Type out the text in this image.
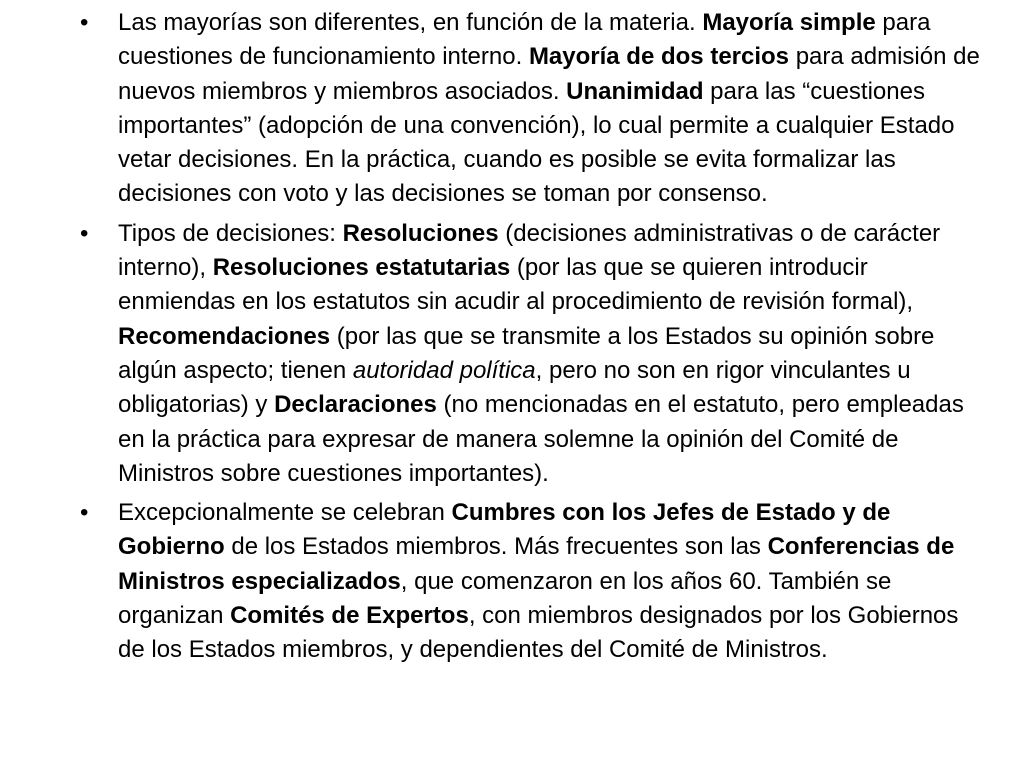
• Las mayorías son diferentes, en función de la materia. Mayoría simple para cuestiones de funcionamiento interno. Mayoría de dos tercios para admisión de nuevos miembros y miembros asociados. Unanimidad para las “cuestiones importantes” (adopción de una convención), lo cual permite a cualquier Estado vetar decisiones. En la práctica, cuando es posible se evita formalizar las decisiones con voto y las decisiones se toman por consenso.
• Tipos de decisiones: Resoluciones (decisiones administrativas o de carácter interno), Resoluciones estatutarias (por las que se quieren introducir enmiendas en los estatutos sin acudir al procedimiento de revisión formal), Recomendaciones (por las que se transmite a los Estados su opinión sobre algún aspecto; tienen autoridad política, pero no son en rigor vinculantes u obligatorias) y Declaraciones (no mencionadas en el estatuto, pero empleadas en la práctica para expresar de manera solemne la opinión del Comité de Ministros sobre cuestiones importantes).
• Excepcionalmente se celebran Cumbres con los Jefes de Estado y de Gobierno de los Estados miembros. Más frecuentes son las Conferencias de Ministros especializados, que comenzaron en los años 60. También se organizan Comités de Expertos, con miembros designados por los Gobiernos de los Estados miembros, y dependientes del Comité de Ministros.
